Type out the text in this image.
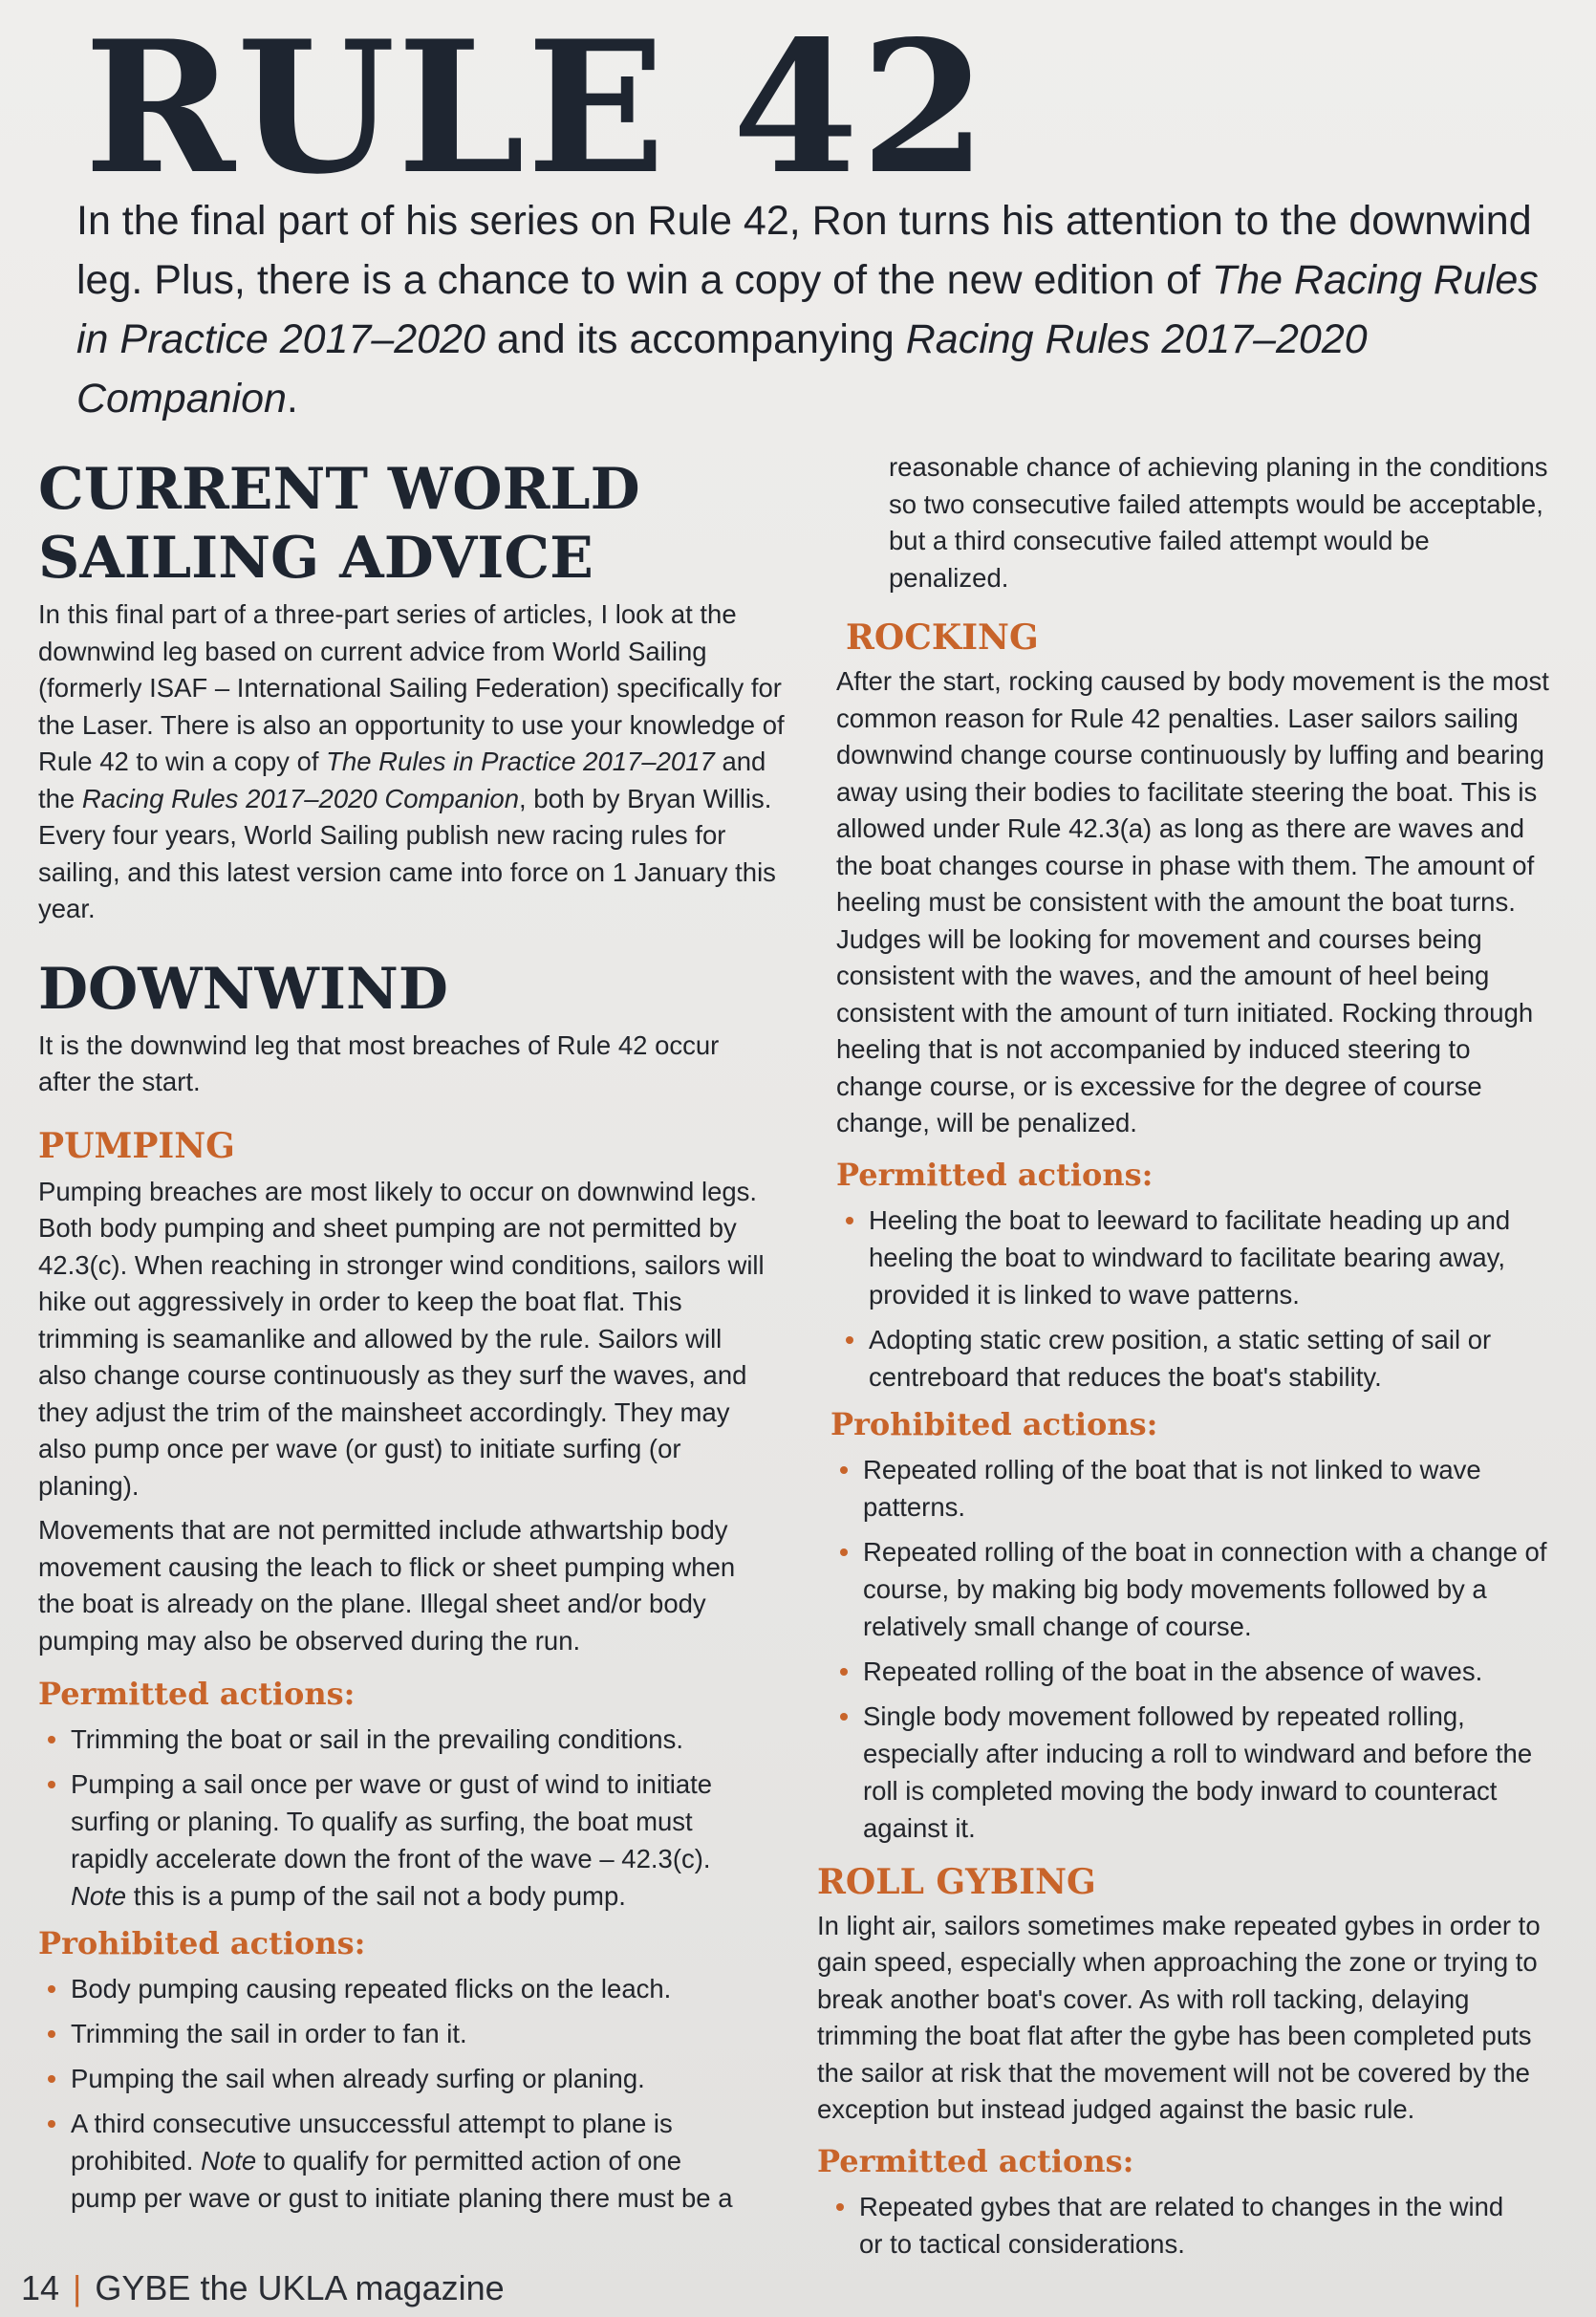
RULE 42

In the final part of his series on Rule 42, Ron turns his attention to the downwind leg. Plus, there is a chance to win a copy of the new edition of The Racing Rules in Practice 2017–2020 and its accompanying Racing Rules 2017–2020 Companion.

CURRENT WORLD SAILING ADVICE

In this final part of a three-part series of articles, I look at the downwind leg based on current advice from World Sailing (formerly ISAF – International Sailing Federation) specifically for the Laser. There is also an opportunity to use your knowledge of Rule 42 to win a copy of The Rules in Practice 2017–2017 and the Racing Rules 2017–2020 Companion, both by Bryan Willis. Every four years, World Sailing publish new racing rules for sailing, and this latest version came into force on 1 January this year.

DOWNWIND

It is the downwind leg that most breaches of Rule 42 occur after the start.

PUMPING

Pumping breaches are most likely to occur on downwind legs. Both body pumping and sheet pumping are not permitted by 42.3(c). When reaching in stronger wind conditions, sailors will hike out aggressively in order to keep the boat flat. This trimming is seamanlike and allowed by the rule. Sailors will also change course continuously as they surf the waves, and they adjust the trim of the mainsheet accordingly. They may also pump once per wave (or gust) to initiate surfing (or planing).

Movements that are not permitted include athwartship body movement causing the leach to flick or sheet pumping when the boat is already on the plane. Illegal sheet and/or body pumping may also be observed during the run.

Permitted actions:
Trimming the boat or sail in the prevailing conditions.
Pumping a sail once per wave or gust of wind to initiate surfing or planing. To qualify as surfing, the boat must rapidly accelerate down the front of the wave – 42.3(c). Note this is a pump of the sail not a body pump.
Prohibited actions:
Body pumping causing repeated flicks on the leach.
Trimming the sail in order to fan it.
Pumping the sail when already surfing or planing.
A third consecutive unsuccessful attempt to plane is prohibited. Note to qualify for permitted action of one pump per wave or gust to initiate planing there must be a

reasonable chance of achieving planing in the conditions so two consecutive failed attempts would be acceptable, but a third consecutive failed attempt would be penalized.

ROCKING

After the start, rocking caused by body movement is the most common reason for Rule 42 penalties. Laser sailors sailing downwind change course continuously by luffing and bearing away using their bodies to facilitate steering the boat. This is allowed under Rule 42.3(a) as long as there are waves and the boat changes course in phase with them. The amount of heeling must be consistent with the amount the boat turns. Judges will be looking for movement and courses being consistent with the waves, and the amount of heel being consistent with the amount of turn initiated. Rocking through heeling that is not accompanied by induced steering to change course, or is excessive for the degree of course change, will be penalized.

Permitted actions:
Heeling the boat to leeward to facilitate heading up and heeling the boat to windward to facilitate bearing away, provided it is linked to wave patterns.
Adopting static crew position, a static setting of sail or centreboard that reduces the boat's stability.
Prohibited actions:
Repeated rolling of the boat that is not linked to wave patterns.
Repeated rolling of the boat in connection with a change of course, by making big body movements followed by a relatively small change of course.
Repeated rolling of the boat in the absence of waves.
Single body movement followed by repeated rolling, especially after inducing a roll to windward and before the roll is completed moving the body inward to counteract against it.
ROLL GYBING

In light air, sailors sometimes make repeated gybes in order to gain speed, especially when approaching the zone or trying to break another boat's cover. As with roll tacking, delaying trimming the boat flat after the gybe has been completed puts the sailor at risk that the movement will not be covered by the exception but instead judged against the basic rule.

Permitted actions:
Repeated gybes that are related to changes in the wind or to tactical considerations.
14 | GYBE the UKLA magazine
